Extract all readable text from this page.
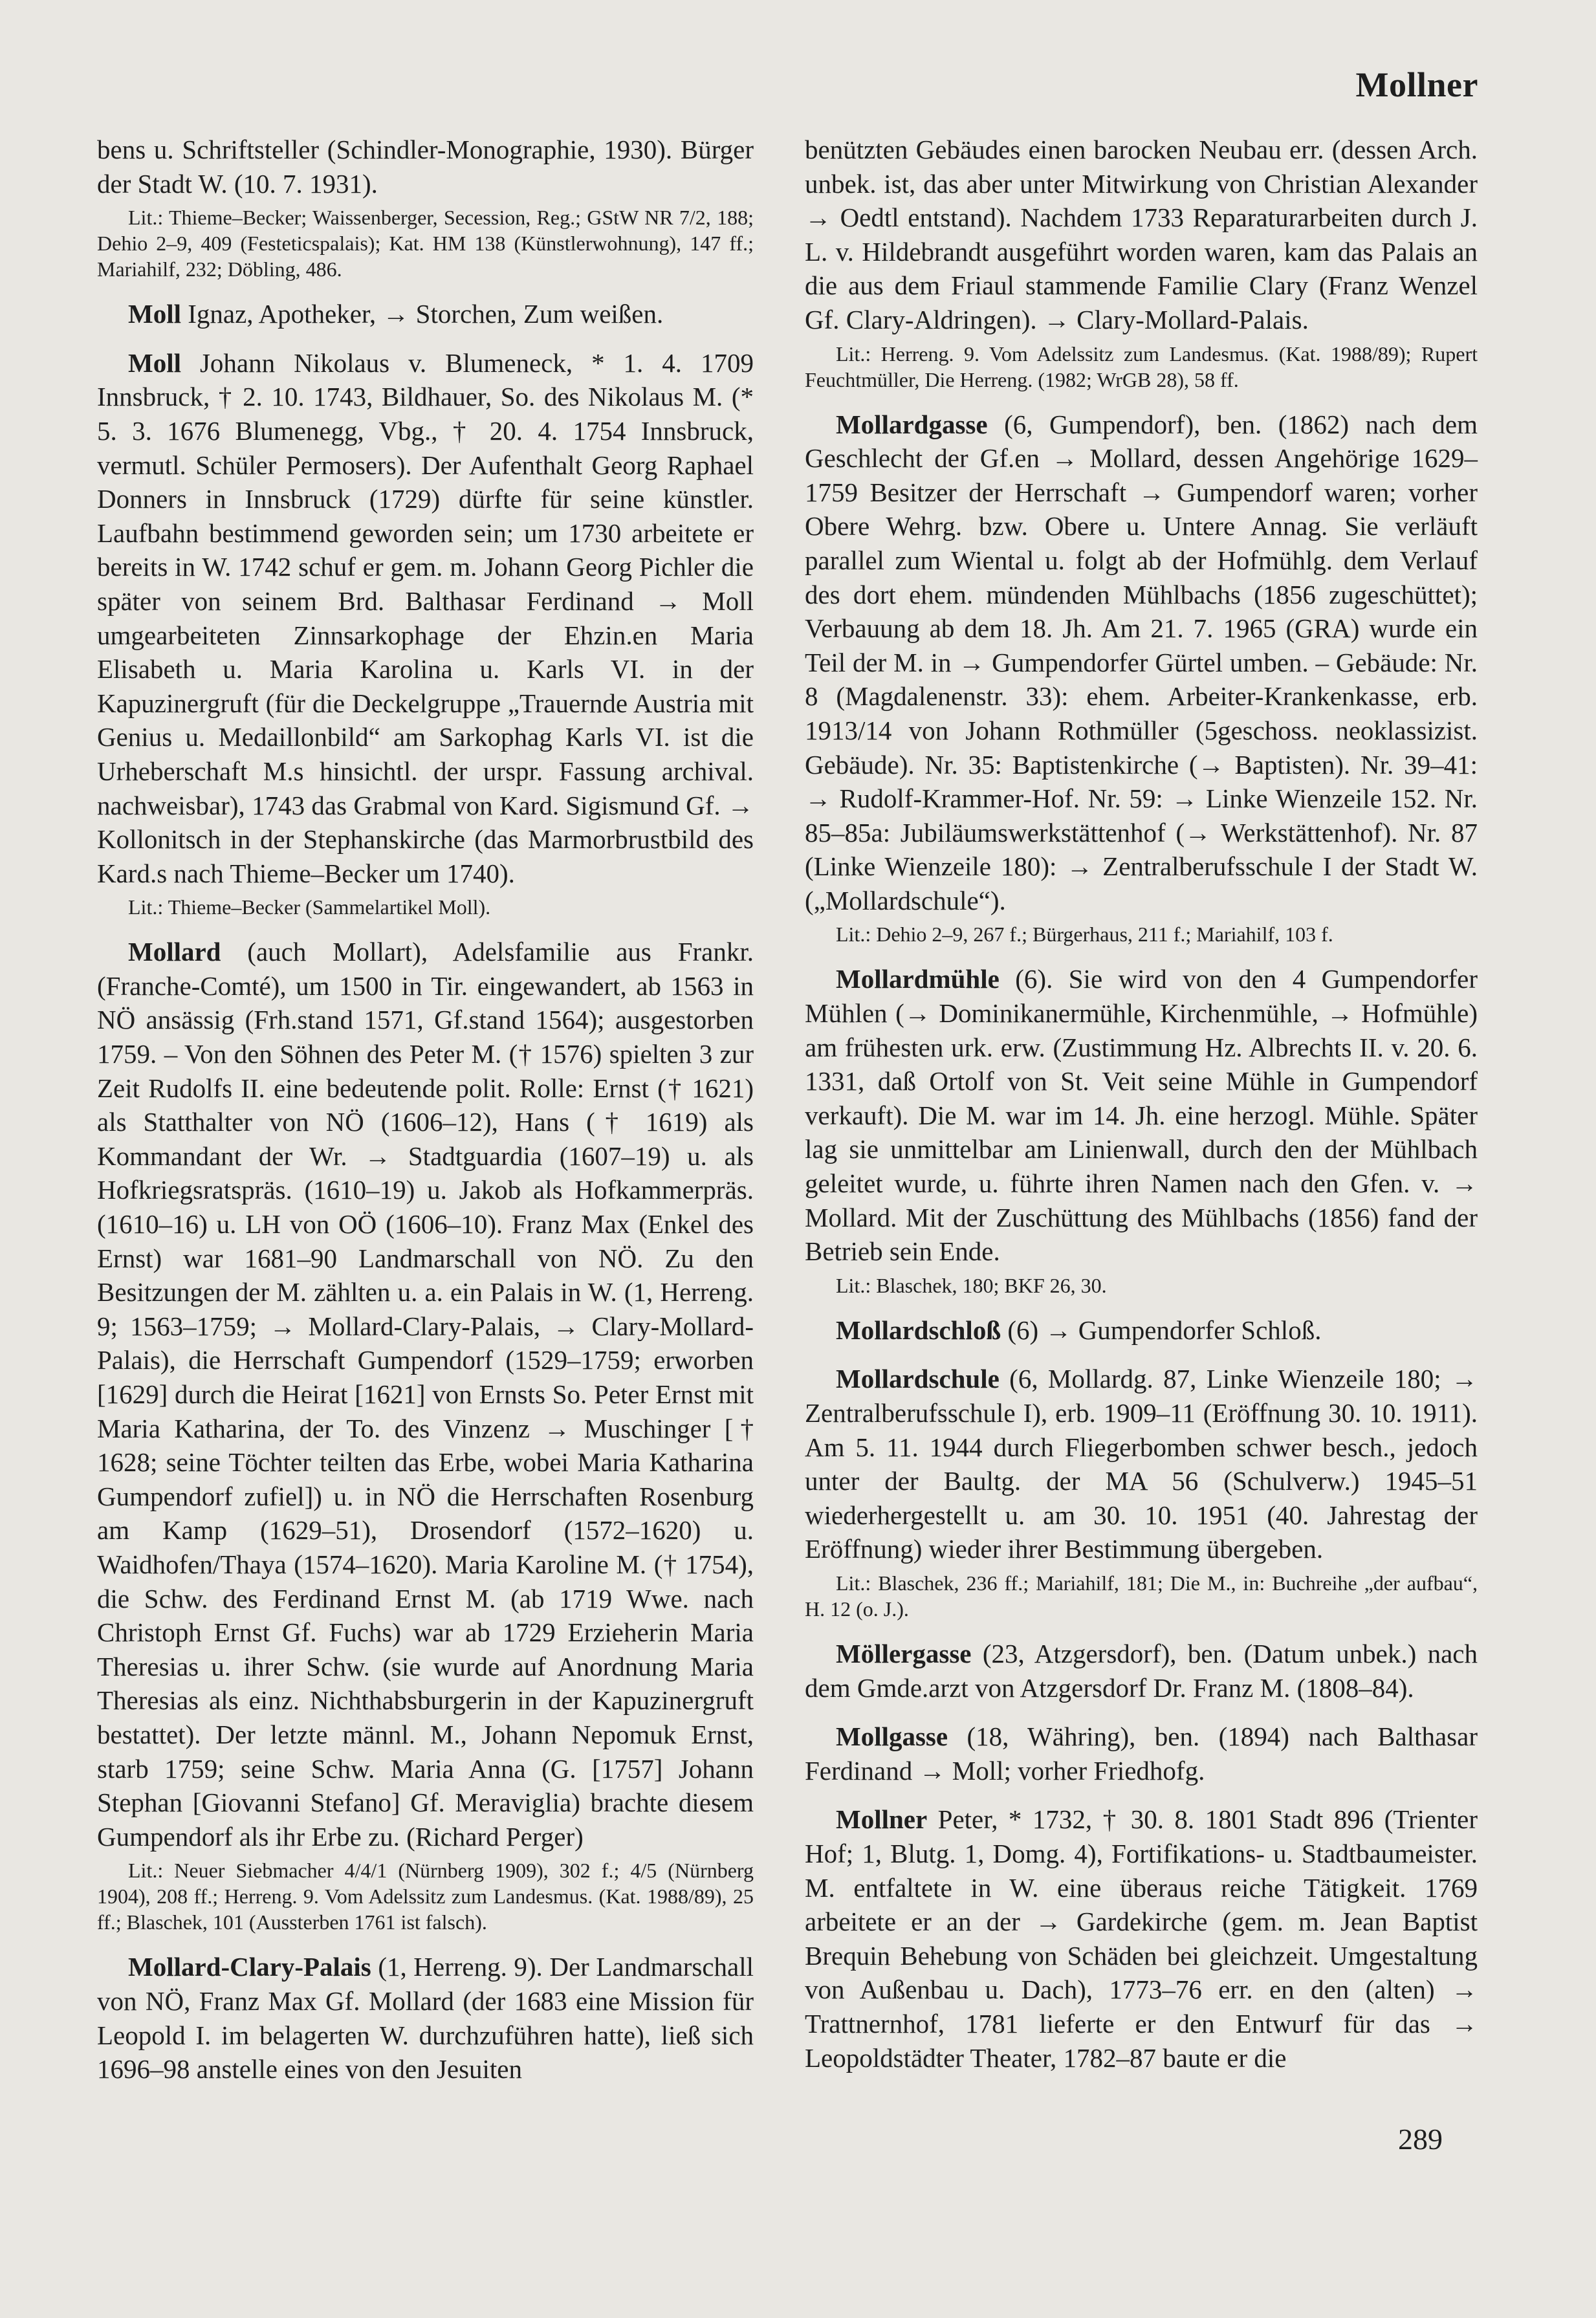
Mollner

bens u. Schriftsteller (Schindler-Monographie, 1930). Bürger der Stadt W. (10. 7. 1931).

Lit.: Thieme–Becker; Waissenberger, Secession, Reg.; GStW NR 7/2, 188; Dehio 2–9, 409 (Festeticspalais); Kat. HM 138 (Künstlerwohnung), 147 ff.; Mariahilf, 232; Döbling, 486.

Moll Ignaz, Apotheker, → Storchen, Zum weißen.

Moll Johann Nikolaus v. Blumeneck, * 1. 4. 1709 Innsbruck, † 2. 10. 1743, Bildhauer, So. des Nikolaus M. (* 5. 3. 1676 Blumenegg, Vbg., † 20. 4. 1754 Innsbruck, vermutl. Schüler Permosers). Der Aufenthalt Georg Raphael Donners in Innsbruck (1729) dürfte für seine künstler. Laufbahn bestimmend geworden sein; um 1730 arbeitete er bereits in W. 1742 schuf er gem. m. Johann Georg Pichler die später von seinem Brd. Balthasar Ferdinand → Moll umgearbeiteten Zinnsarkophage der Ehzin.en Maria Elisabeth u. Maria Karolina u. Karls VI. in der Kapuzinergruft (für die Deckelgruppe „Trauernde Austria mit Genius u. Medaillonbild“ am Sarkophag Karls VI. ist die Urheberschaft M.s hinsichtl. der urspr. Fassung archival. nachweisbar), 1743 das Grabmal von Kard. Sigismund Gf. → Kollonitsch in der Stephanskirche (das Marmorbrustbild des Kard.s nach Thieme–Becker um 1740).

Lit.: Thieme–Becker (Sammelartikel Moll).

Mollard (auch Mollart), Adelsfamilie aus Frankr. (Franche-Comté), um 1500 in Tir. eingewandert, ab 1563 in NÖ ansässig (Frh.stand 1571, Gf.stand 1564); ausgestorben 1759. – Von den Söhnen des Peter M. († 1576) spielten 3 zur Zeit Rudolfs II. eine bedeutende polit. Rolle: Ernst († 1621) als Statthalter von NÖ (1606–12), Hans († 1619) als Kommandant der Wr. → Stadtguardia (1607–19) u. als Hofkriegsratspräs. (1610–19) u. Jakob als Hofkammerpräs. (1610–16) u. LH von OÖ (1606–10). Franz Max (Enkel des Ernst) war 1681–90 Landmarschall von NÖ. Zu den Besitzungen der M. zählten u. a. ein Palais in W. (1, Herreng. 9; 1563–1759; → Mollard-Clary-Palais, → Clary-Mollard-Palais), die Herrschaft Gumpendorf (1529–1759; erworben [1629] durch die Heirat [1621] von Ernsts So. Peter Ernst mit Maria Katharina, der To. des Vinzenz → Muschinger [† 1628; seine Töchter teilten das Erbe, wobei Maria Katharina Gumpendorf zufiel]) u. in NÖ die Herrschaften Rosenburg am Kamp (1629–51), Drosendorf (1572–1620) u. Waidhofen/Thaya (1574–1620). Maria Karoline M. († 1754), die Schw. des Ferdinand Ernst M. (ab 1719 Wwe. nach Christoph Ernst Gf. Fuchs) war ab 1729 Erzieherin Maria Theresias u. ihrer Schw. (sie wurde auf Anordnung Maria Theresias als einz. Nichthabsburgerin in der Kapuzinergruft bestattet). Der letzte männl. M., Johann Nepomuk Ernst, starb 1759; seine Schw. Maria Anna (G. [1757] Johann Stephan [Giovanni Stefano] Gf. Meraviglia) brachte diesem Gumpendorf als ihr Erbe zu. (Richard Perger)

Lit.: Neuer Siebmacher 4/4/1 (Nürnberg 1909), 302 f.; 4/5 (Nürnberg 1904), 208 ff.; Herreng. 9. Vom Adelssitz zum Landesmus. (Kat. 1988/89), 25 ff.; Blaschek, 101 (Aussterben 1761 ist falsch).

Mollard-Clary-Palais (1, Herreng. 9). Der Landmarschall von NÖ, Franz Max Gf. Mollard (der 1683 eine Mission für Leopold I. im belagerten W. durchzuführen hatte), ließ sich 1696–98 anstelle eines von den Jesuiten

benützten Gebäudes einen barocken Neubau err. (dessen Arch. unbek. ist, das aber unter Mitwirkung von Christian Alexander → Oedtl entstand). Nachdem 1733 Reparaturarbeiten durch J. L. v. Hildebrandt ausgeführt worden waren, kam das Palais an die aus dem Friaul stammende Familie Clary (Franz Wenzel Gf. Clary-Aldringen). → Clary-Mollard-Palais.

Lit.: Herreng. 9. Vom Adelssitz zum Landesmus. (Kat. 1988/89); Rupert Feuchtmüller, Die Herreng. (1982; WrGB 28), 58 ff.

Mollardgasse (6, Gumpendorf), ben. (1862) nach dem Geschlecht der Gf.en → Mollard, dessen Angehörige 1629–1759 Besitzer der Herrschaft → Gumpendorf waren; vorher Obere Wehrg. bzw. Obere u. Untere Annag. Sie verläuft parallel zum Wiental u. folgt ab der Hofmühlg. dem Verlauf des dort ehem. mündenden Mühlbachs (1856 zugeschüttet); Verbauung ab dem 18. Jh. Am 21. 7. 1965 (GRA) wurde ein Teil der M. in → Gumpendorfer Gürtel umben. – Gebäude: Nr. 8 (Magdalenenstr. 33): ehem. Arbeiter-Krankenkasse, erb. 1913/14 von Johann Rothmüller (5geschoss. neoklassizist. Gebäude). Nr. 35: Baptistenkirche (→ Baptisten). Nr. 39–41: → Rudolf-Krammer-Hof. Nr. 59: → Linke Wienzeile 152. Nr. 85–85a: Jubiläumswerkstättenhof (→ Werkstättenhof). Nr. 87 (Linke Wienzeile 180): → Zentralberufsschule I der Stadt W. („Mollardschule“).

Lit.: Dehio 2–9, 267 f.; Bürgerhaus, 211 f.; Mariahilf, 103 f.

Mollardmühle (6). Sie wird von den 4 Gumpendorfer Mühlen (→ Dominikanermühle, Kirchenmühle, → Hofmühle) am frühesten urk. erw. (Zustimmung Hz. Albrechts II. v. 20. 6. 1331, daß Ortolf von St. Veit seine Mühle in Gumpendorf verkauft). Die M. war im 14. Jh. eine herzogl. Mühle. Später lag sie unmittelbar am Linienwall, durch den der Mühlbach geleitet wurde, u. führte ihren Namen nach den Gfen. v. → Mollard. Mit der Zuschüttung des Mühlbachs (1856) fand der Betrieb sein Ende.

Lit.: Blaschek, 180; BKF 26, 30.

Mollardschloß (6) → Gumpendorfer Schloß.

Mollardschule (6, Mollardg. 87, Linke Wienzeile 180; → Zentralberufsschule I), erb. 1909–11 (Eröffnung 30. 10. 1911). Am 5. 11. 1944 durch Fliegerbomben schwer besch., jedoch unter der Baultg. der MA 56 (Schulverw.) 1945–51 wiederhergestellt u. am 30. 10. 1951 (40. Jahrestag der Eröffnung) wieder ihrer Bestimmung übergeben.

Lit.: Blaschek, 236 ff.; Mariahilf, 181; Die M., in: Buchreihe „der aufbau“, H. 12 (o. J.).

Möllergasse (23, Atzgersdorf), ben. (Datum unbek.) nach dem Gmde.arzt von Atzgersdorf Dr. Franz M. (1808–84).

Mollgasse (18, Währing), ben. (1894) nach Balthasar Ferdinand → Moll; vorher Friedhofg.

Mollner Peter, * 1732, † 30. 8. 1801 Stadt 896 (Trienter Hof; 1, Blutg. 1, Domg. 4), Fortifikations- u. Stadtbaumeister. M. entfaltete in W. eine überaus reiche Tätigkeit. 1769 arbeitete er an der → Gardekirche (gem. m. Jean Baptist Brequin Behebung von Schäden bei gleichzeit. Umgestaltung von Außenbau u. Dach), 1773–76 err. en den (alten) → Trattnernhof, 1781 lieferte er den Entwurf für das → Leopoldstädter Theater, 1782–87 baute er die

289
